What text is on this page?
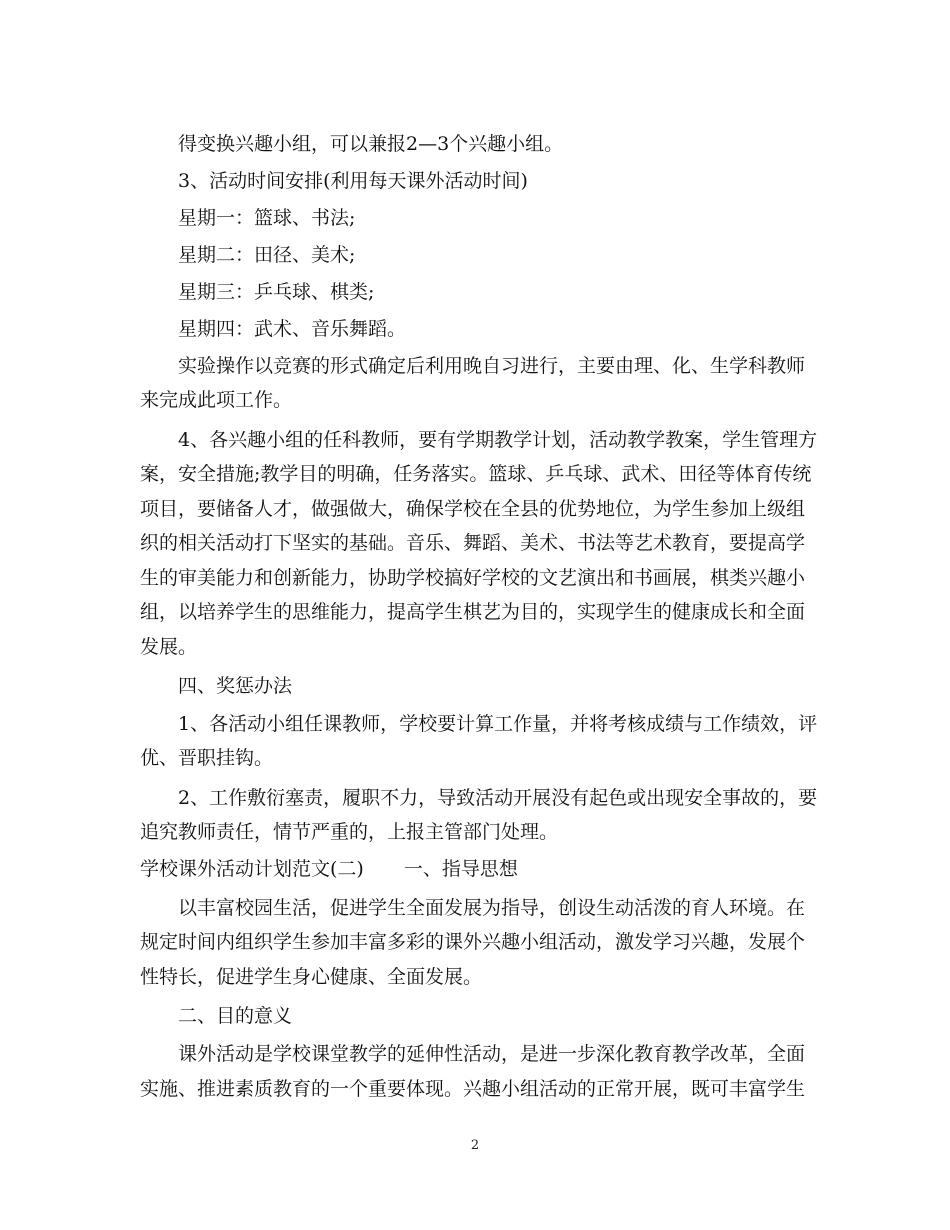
得变换兴趣小组，可以兼报2—3个兴趣小组。
3、活动时间安排(利用每天课外活动时间)
星期一：篮球、书法;
星期二：田径、美术;
星期三：乒乓球、棋类;
星期四：武术、音乐舞蹈。
实验操作以竞赛的形式确定后利用晚自习进行，主要由理、化、生学科教师
来完成此项工作。
4、各兴趣小组的任科教师，要有学期教学计划，活动教学教案，学生管理方
案，安全措施;教学目的明确，任务落实。篮球、乒乓球、武术、田径等体育传统
项目，要储备人才，做强做大，确保学校在全县的优势地位，为学生参加上级组
织的相关活动打下坚实的基础。音乐、舞蹈、美术、书法等艺术教育，要提高学
生的审美能力和创新能力，协助学校搞好学校的文艺演出和书画展，棋类兴趣小
组，以培养学生的思维能力，提高学生棋艺为目的，实现学生的健康成长和全面
发展。
四、奖惩办法
1、各活动小组任课教师，学校要计算工作量，并将考核成绩与工作绩效，评
优、晋职挂钩。
2、工作敷衍塞责，履职不力，导致活动开展没有起色或出现安全事故的，要
追究教师责任，情节严重的，上报主管部门处理。
学校课外活动计划范文(二) 一、指导思想
以丰富校园生活，促进学生全面发展为指导，创设生动活泼的育人环境。在
规定时间内组织学生参加丰富多彩的课外兴趣小组活动，激发学习兴趣，发展个
性特长，促进学生身心健康、全面发展。
二、目的意义
课外活动是学校课堂教学的延伸性活动，是进一步深化教育教学改革，全面
实施、推进素质教育的一个重要体现。兴趣小组活动的正常开展，既可丰富学生
2
